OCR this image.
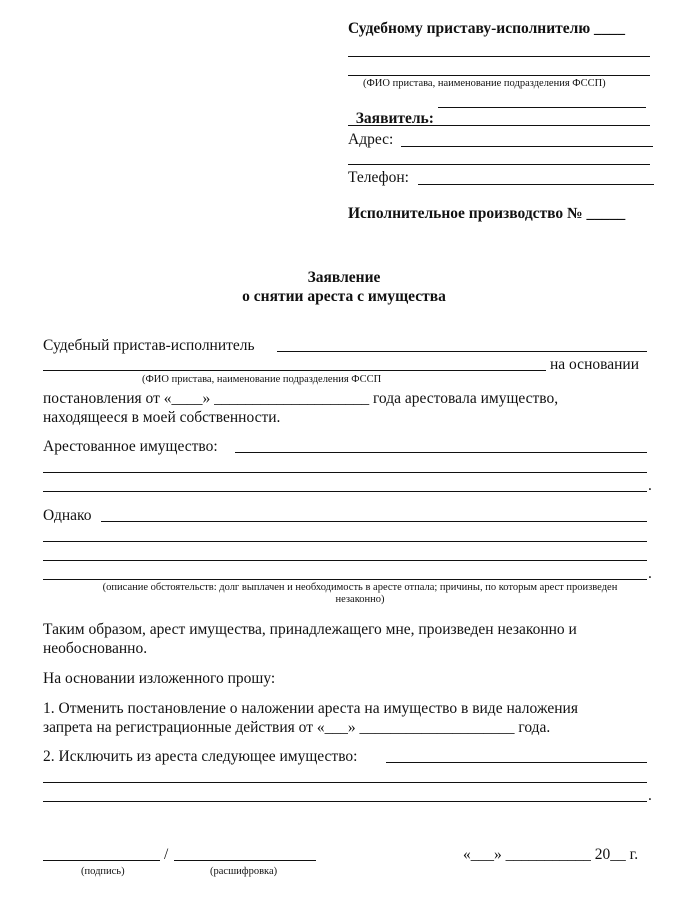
Судебному приставу-исполнителю ____
(ФИО пристава, наименование подразделения ФССП)

Заявитель:

Адрес:
Телефон:
Исполнительное производство № _____
Заявление
о снятии ареста с имущества
Судебный пристав-исполнитель
на основании
(ФИО пристава, наименование подразделения ФССП
постановления от «____» ____________________ года арестовала имущество,
находящееся в моей собственности.
Арестованное имущество:
.
Однако
.
(описание обстоятельств: долг выплачен и необходимость в аресте отпала; причины, по которым арест произведен незаконно)
Таким образом, арест имущества, принадлежащего мне, произведен незаконно и
необоснованно.
На основании изложенного прошу:
1. Отменить постановление о наложении ареста на имущество в виде наложения
запрета на регистрационные действия от «___» ____________________ года.
2. Исключить из ареста следующее имущество:
.
/
(подпись)	(расшифровка)
«___» ___________ 20__ г.
